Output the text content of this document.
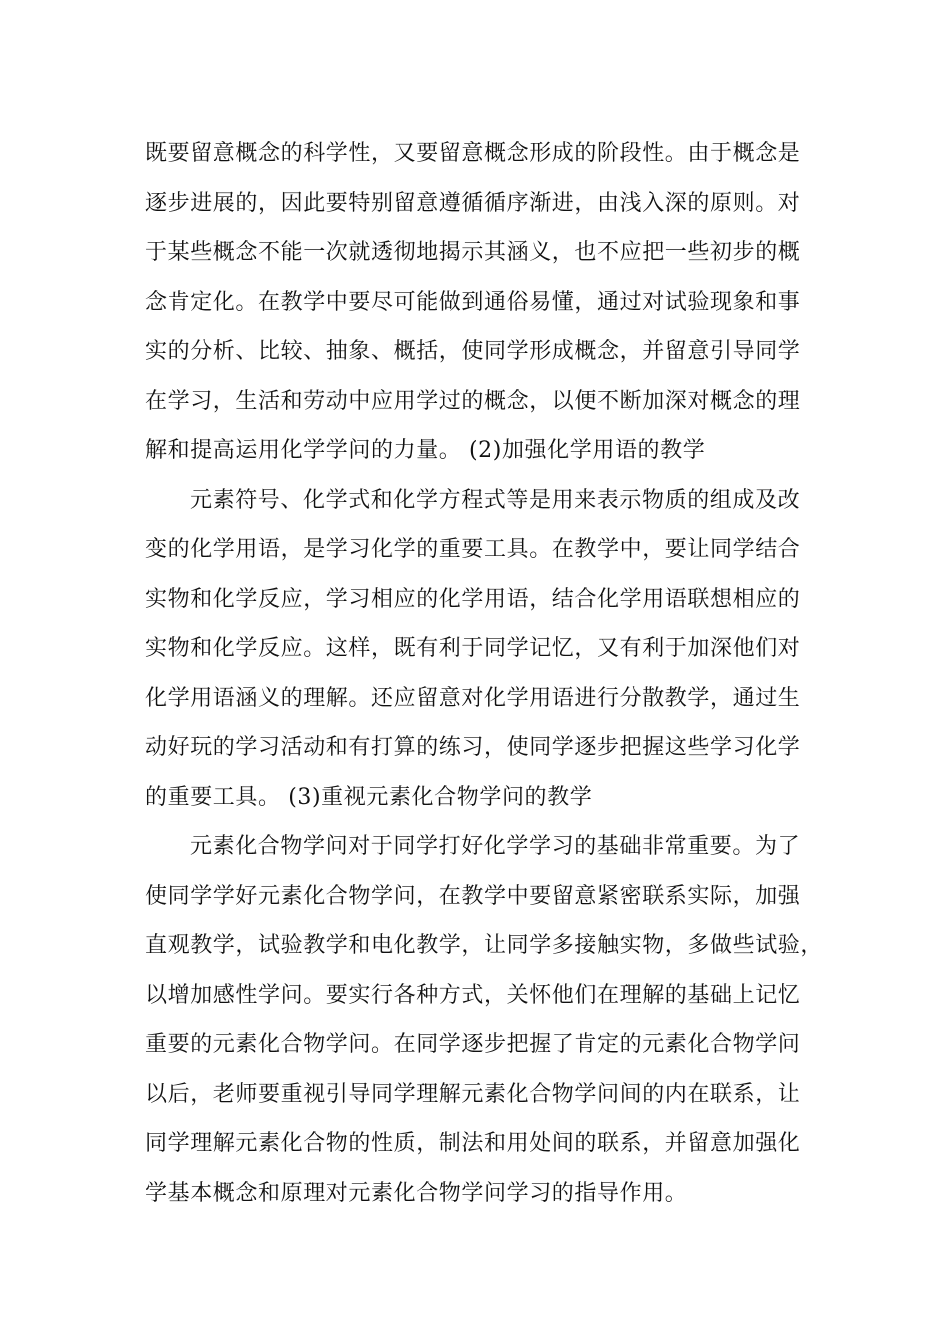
既要留意概念的科学性，又要留意概念形成的阶段性。由于概念是
逐步进展的，因此要特别留意遵循循序渐进，由浅入深的原则。对
于某些概念不能一次就透彻地揭示其涵义，也不应把一些初步的概
念肯定化。在教学中要尽可能做到通俗易懂，通过对试验现象和事
实的分析、比较、抽象、概括，使同学形成概念，并留意引导同学
在学习，生活和劳动中应用学过的概念，以便不断加深对概念的理
解和提高运用化学学问的力量。 (2)加强化学用语的教学
元素符号、化学式和化学方程式等是用来表示物质的组成及改
变的化学用语，是学习化学的重要工具。在教学中，要让同学结合
实物和化学反应，学习相应的化学用语，结合化学用语联想相应的
实物和化学反应。这样，既有利于同学记忆，又有利于加深他们对
化学用语涵义的理解。还应留意对化学用语进行分散教学，通过生
动好玩的学习活动和有打算的练习，使同学逐步把握这些学习化学
的重要工具。 (3)重视元素化合物学问的教学
元素化合物学问对于同学打好化学学习的基础非常重要。为了
使同学学好元素化合物学问，在教学中要留意紧密联系实际，加强
直观教学，试验教学和电化教学，让同学多接触实物，多做些试验，
以增加感性学问。要实行各种方式，关怀他们在理解的基础上记忆
重要的元素化合物学问。在同学逐步把握了肯定的元素化合物学问
以后，老师要重视引导同学理解元素化合物学问间的内在联系，让
同学理解元素化合物的性质，制法和用处间的联系，并留意加强化
学基本概念和原理对元素化合物学问学习的指导作用。
